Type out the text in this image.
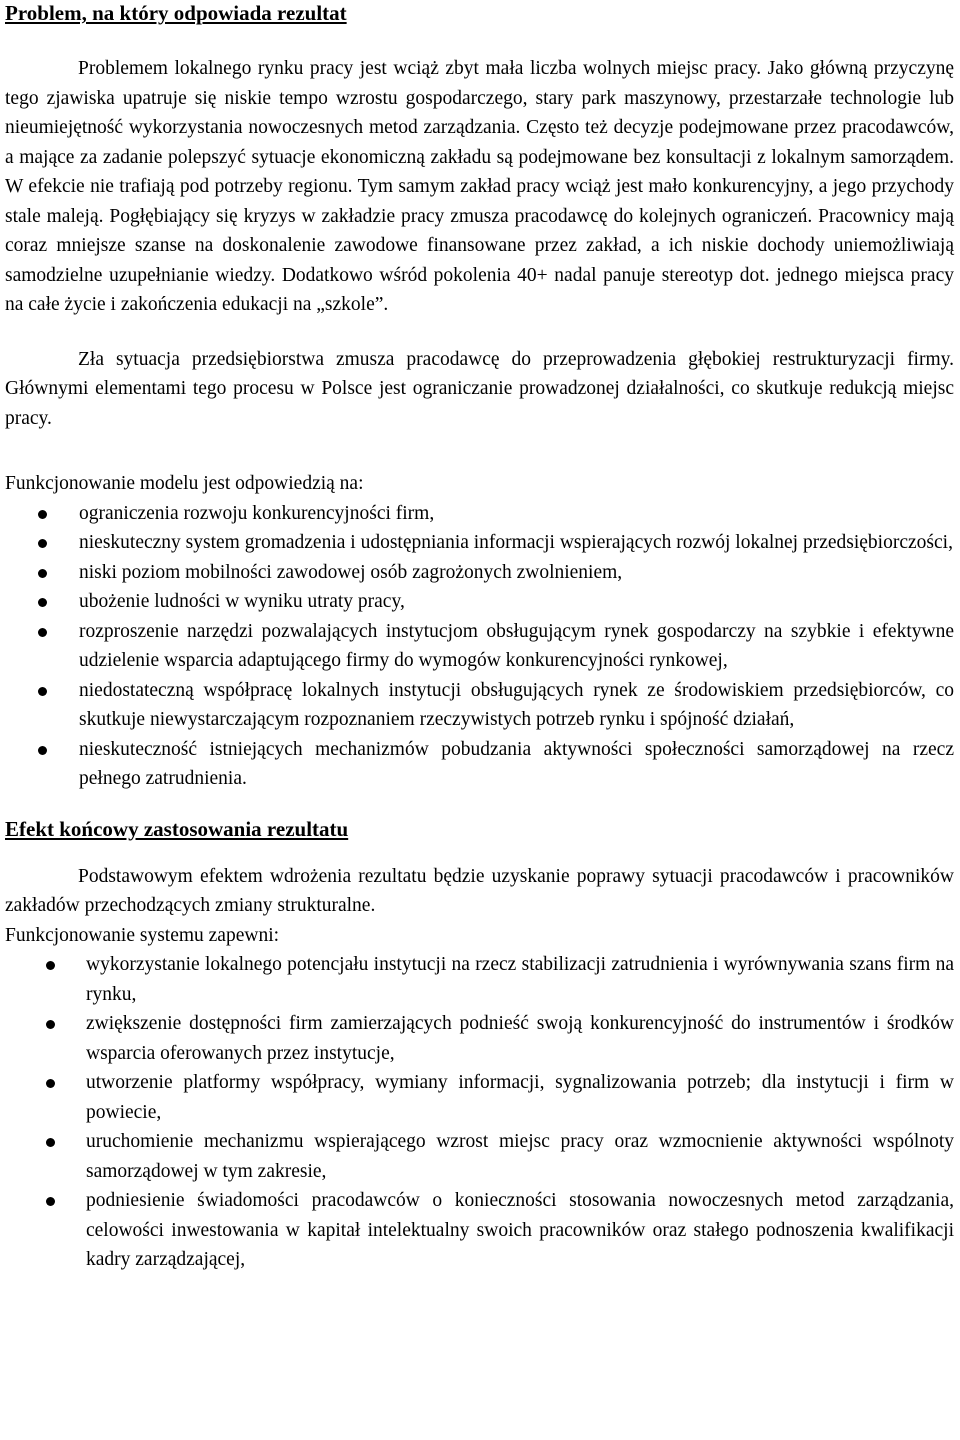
Problem, na który odpowiada rezultat

Problemem lokalnego rynku pracy jest wciąż zbyt mała liczba wolnych miejsc pracy. Jako główną przyczynę tego zjawiska upatruje się niskie tempo wzrostu gospodarczego, stary park maszynowy, przestarzałe technologie lub nieumiejętność wykorzystania nowoczesnych metod zarządzania. Często też decyzje podejmowane przez pracodawców, a mające za zadanie polepszyć sytuacje ekonomiczną zakładu są podejmowane bez konsultacji z lokalnym samorządem. W efekcie nie trafiają pod potrzeby regionu. Tym samym zakład pracy wciąż jest mało konkurencyjny, a jego przychody stale maleją. Pogłębiający się kryzys w zakładzie pracy zmusza pracodawcę do kolejnych ograniczeń. Pracownicy mają coraz mniejsze szanse na doskonalenie zawodowe finansowane przez zakład, a ich niskie dochody uniemożliwiają samodzielne uzupełnianie wiedzy. Dodatkowo wśród pokolenia 40+ nadal panuje stereotyp dot. jednego miejsca pracy na całe życie i zakończenia edukacji na „szkole”.

Zła sytuacja przedsiębiorstwa zmusza pracodawcę do przeprowadzenia głębokiej restrukturyzacji firmy. Głównymi elementami tego procesu w Polsce jest ograniczanie prowadzonej działalności, co skutkuje redukcją miejsc pracy.

Funkcjonowanie modelu jest odpowiedzią na:

ograniczenia rozwoju konkurencyjności firm,
nieskuteczny system gromadzenia i udostępniania informacji wspierających rozwój lokalnej przedsiębiorczości,
niski poziom mobilności zawodowej osób zagrożonych zwolnieniem,
ubożenie ludności w wyniku utraty pracy,
rozproszenie narzędzi pozwalających instytucjom obsługującym rynek gospodarczy na szybkie i efektywne udzielenie wsparcia adaptującego firmy do wymogów konkurencyjności rynkowej,
niedostateczną współpracę lokalnych instytucji obsługujących rynek ze środowiskiem przedsiębiorców, co skutkuje niewystarczającym rozpoznaniem rzeczywistych potrzeb rynku i spójność działań,
nieskuteczność istniejących mechanizmów pobudzania aktywności społeczności samorządowej na rzecz pełnego zatrudnienia.
Efekt końcowy zastosowania rezultatu

Podstawowym efektem wdrożenia rezultatu będzie uzyskanie poprawy sytuacji pracodawców i pracowników zakładów przechodzących zmiany strukturalne.

Funkcjonowanie systemu zapewni:

wykorzystanie lokalnego potencjału instytucji na rzecz stabilizacji zatrudnienia i wyrównywania szans firm na rynku,
zwiększenie dostępności firm zamierzających podnieść swoją konkurencyjność do instrumentów i środków wsparcia oferowanych przez instytucje,
utworzenie platformy współpracy, wymiany informacji, sygnalizowania potrzeb; dla instytucji i firm w powiecie,
uruchomienie mechanizmu wspierającego wzrost miejsc pracy oraz wzmocnienie aktywności wspólnoty samorządowej w tym zakresie,
podniesienie świadomości pracodawców o konieczności stosowania nowoczesnych metod zarządzania, celowości inwestowania w kapitał intelektualny swoich pracowników oraz stałego podnoszenia kwalifikacji kadry zarządzającej,
